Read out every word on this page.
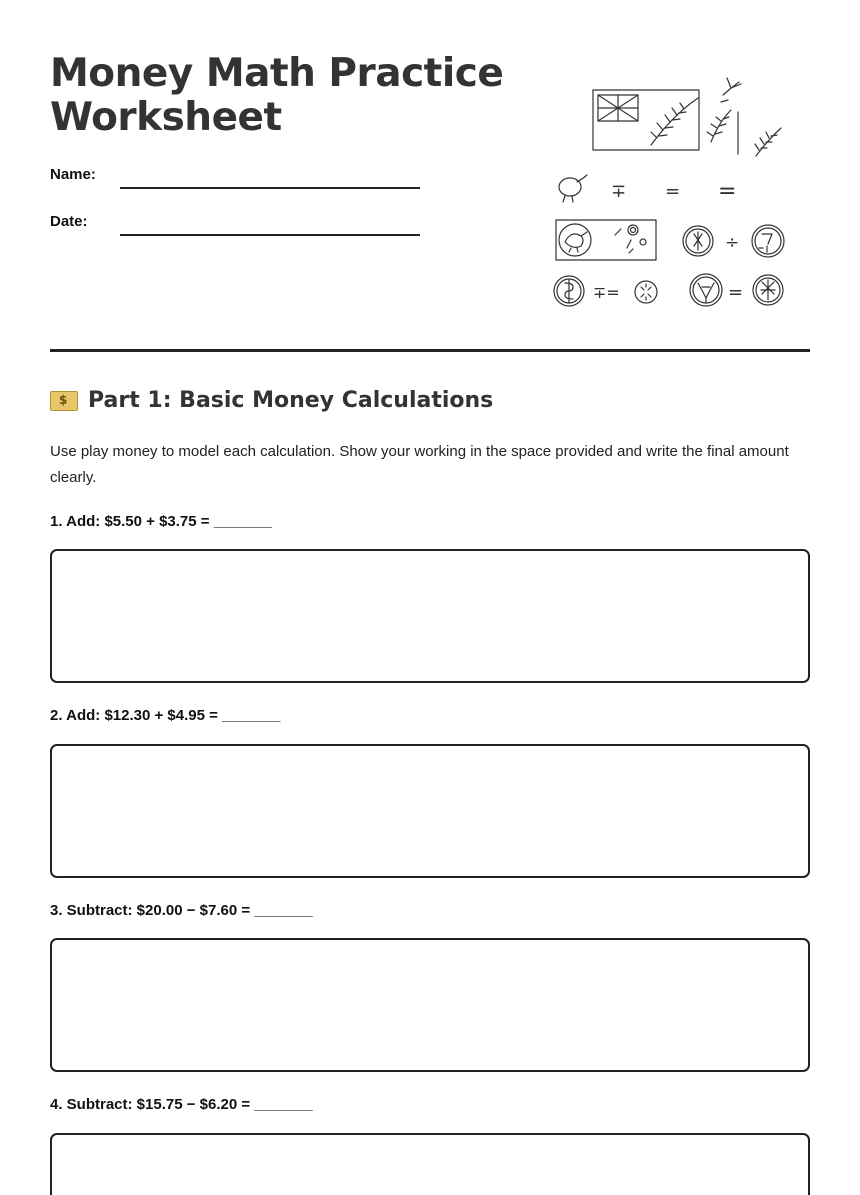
Money Math Practice
Worksheet
Name:
Date:
∓ = =
÷
∓=	=
$ Part 1: Basic Money Calculations

Use play money to model each calculation. Show your working in the space provided and write the final amount clearly.

1. Add: $5.50 + $3.75 = _______
2. Add: $12.30 + $4.95 = _______
3. Subtract: $20.00 − $7.60 = _______
4. Subtract: $15.75 − $6.20 = _______
